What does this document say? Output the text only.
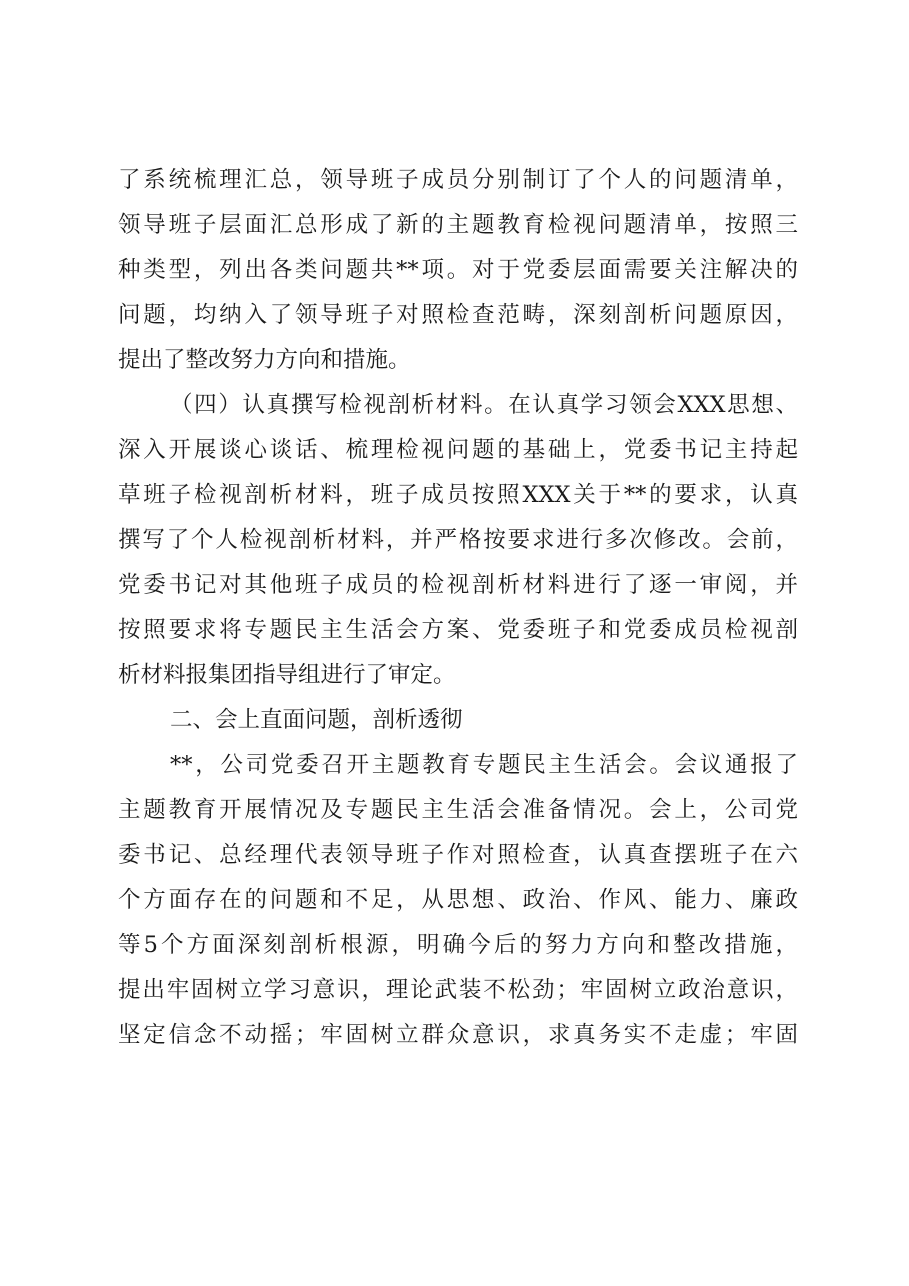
了系统梳理汇总，领导班子成员分别制订了个人的问题清单，
领导班子层面汇总形成了新的主题教育检视问题清单，按照三
种类型，列出各类问题共**项。对于党委层面需要关注解决的
问题，均纳入了领导班子对照检查范畴，深刻剖析问题原因，
提出了整改努力方向和措施。
（四）认真撰写检视剖析材料。在认真学习领会XXX思想、
深入开展谈心谈话、梳理检视问题的基础上，党委书记主持起
草班子检视剖析材料，班子成员按照XXX关于**的要求，认真
撰写了个人检视剖析材料，并严格按要求进行多次修改。会前，
党委书记对其他班子成员的检视剖析材料进行了逐一审阅，并
按照要求将专题民主生活会方案、党委班子和党委成员检视剖
析材料报集团指导组进行了审定。
二、会上直面问题，剖析透彻
**，公司党委召开主题教育专题民主生活会。会议通报了
主题教育开展情况及专题民主生活会准备情况。会上，公司党
委书记、总经理代表领导班子作对照检查，认真查摆班子在六
个方面存在的问题和不足，从思想、政治、作风、能力、廉政
等5个方面深刻剖析根源，明确今后的努力方向和整改措施，
提出牢固树立学习意识，理论武装不松劲；牢固树立政治意识，
坚定信念不动摇；牢固树立群众意识，求真务实不走虚；牢固
